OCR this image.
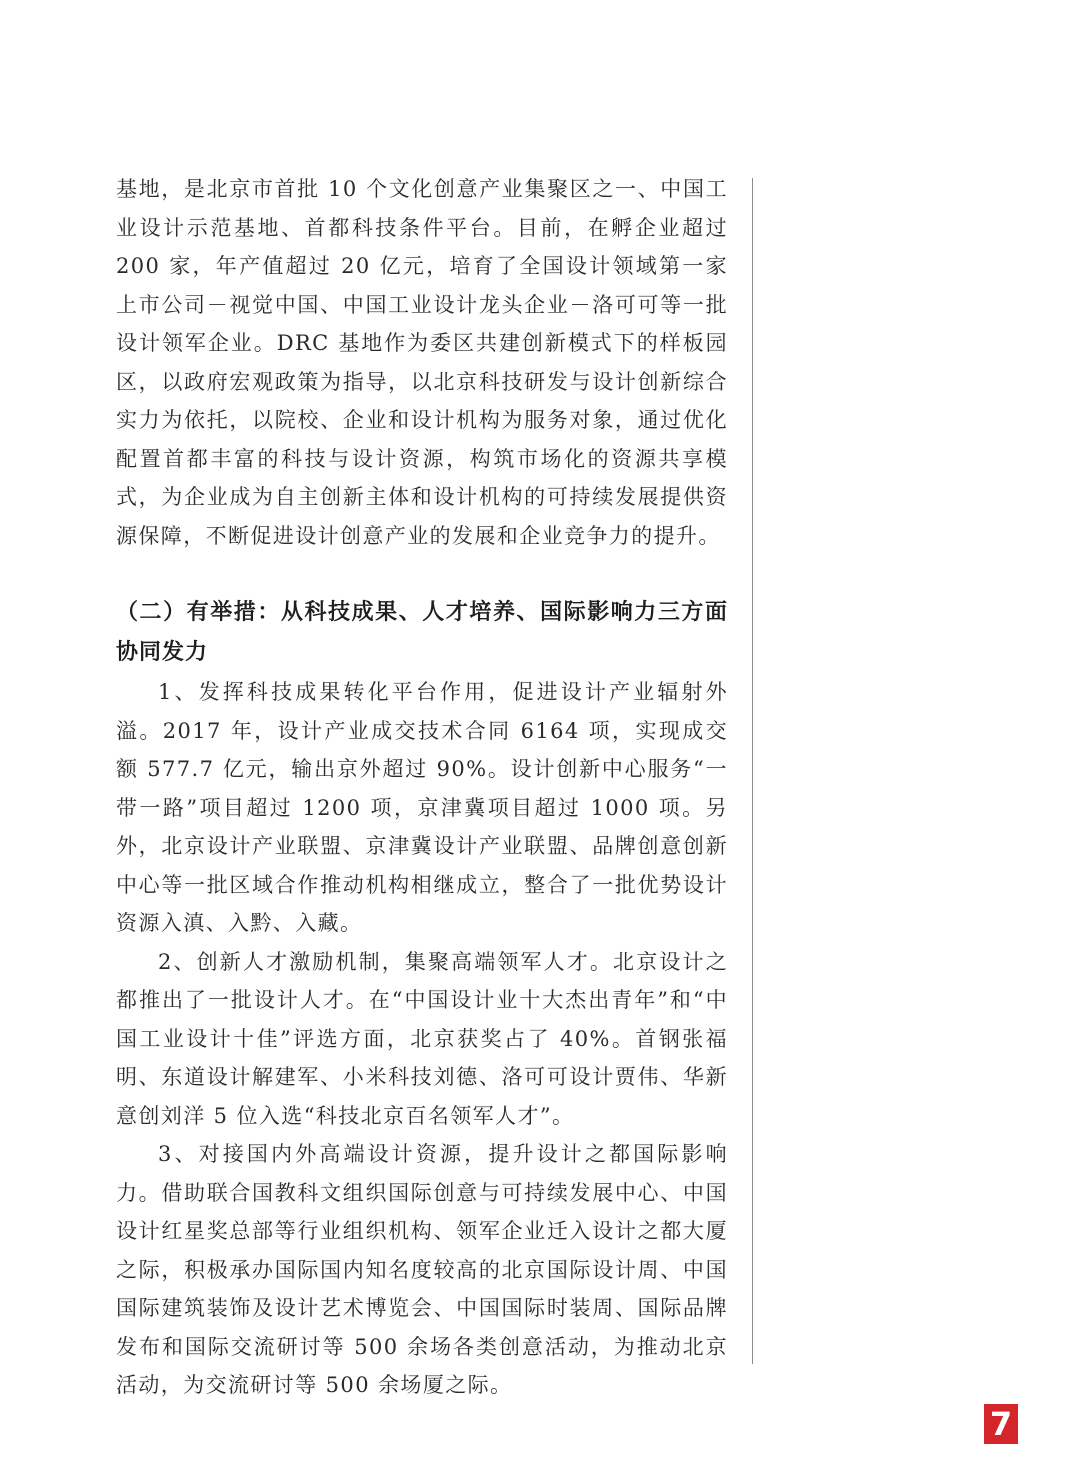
基地，是北京市首批 10 个文化创意产业集聚区之一、中国工业设计示范基地、首都科技条件平台。目前，在孵企业超过 200 家，年产值超过 20 亿元，培育了全国设计领域第一家上市公司－视觉中国、中国工业设计龙头企业－洛可可等一批设计领军企业。DRC 基地作为委区共建创新模式下的样板园区，以政府宏观政策为指导，以北京科技研发与设计创新综合实力为依托，以院校、企业和设计机构为服务对象，通过优化配置首都丰富的科技与设计资源，构筑市场化的资源共享模式，为企业成为自主创新主体和设计机构的可持续发展提供资源保障，不断促进设计创意产业的发展和企业竞争力的提升。

（二）有举措：从科技成果、人才培养、国际影响力三方面协同发力

1、发挥科技成果转化平台作用，促进设计产业辐射外溢。2017 年，设计产业成交技术合同 6164 项，实现成交额 577.7 亿元，输出京外超过 90%。设计创新中心服务“一带一路”项目超过 1200 项，京津冀项目超过 1000 项。另外，北京设计产业联盟、京津冀设计产业联盟、品牌创意创新中心等一批区域合作推动机构相继成立，整合了一批优势设计资源入滇、入黔、入藏。

2、创新人才激励机制，集聚高端领军人才。北京设计之都推出了一批设计人才。在“中国设计业十大杰出青年”和“中国工业设计十佳”评选方面，北京获奖占了 40%。首钢张福明、东道设计解建军、小米科技刘德、洛可可设计贾伟、华新意创刘洋 5 位入选“科技北京百名领军人才”。

3、对接国内外高端设计资源，提升设计之都国际影响力。借助联合国教科文组织国际创意与可持续发展中心、中国设计红星奖总部等行业组织机构、领军企业迁入设计之都大厦之际，积极承办国际国内知名度较高的北京国际设计周、中国国际建筑装饰及设计艺术博览会、中国国际时装周、国际品牌发布和国际交流研讨等 500 余场各类创意活动，为推动北京活动，为交流研讨等 500 余场厦之际。

7
